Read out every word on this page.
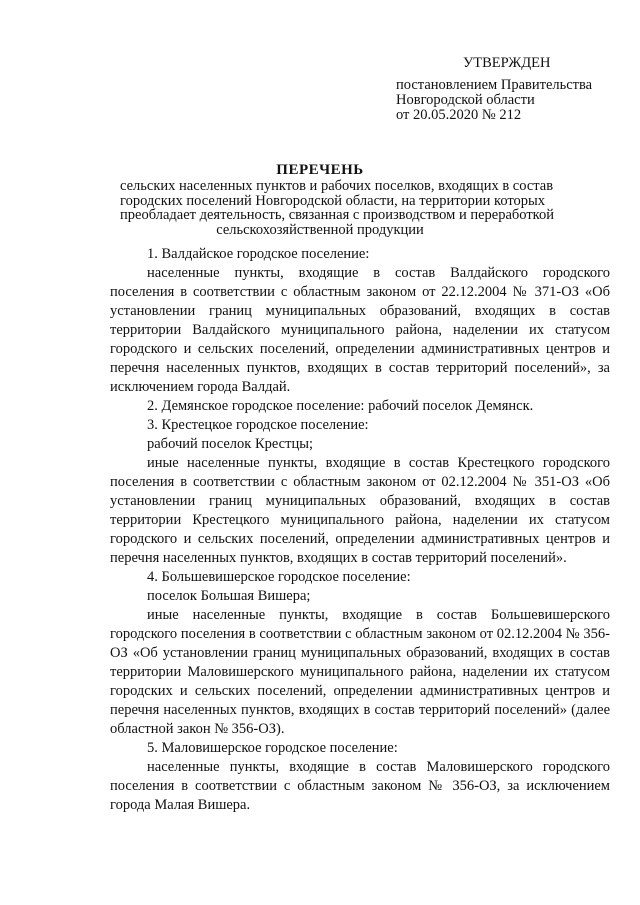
УТВЕРЖДЕН
постановлением Правительства
Новгородской области
от 20.05.2020 № 212
ПЕРЕЧЕНЬ
сельских населенных пунктов и рабочих поселков, входящих в состав
городских поселений Новгородской области, на территории которых
преобладает деятельность, связанная с производством и переработкой
сельскохозяйственной продукции

1. Валдайское городское поселение:

населенные пункты, входящие в состав Валдайского городского поселения в соответствии с областным законом от 22.12.2004 № 371-ОЗ «Об установлении границ муниципальных образований, входящих в состав территории Валдайского муниципального района, наделении их статусом городского и сельских поселений, определении административных центров и перечня населенных пунктов, входящих в состав территорий поселений», за исключением города Валдай.

2. Демянское городское поселение: рабочий поселок Демянск.

3. Крестецкое городское поселение:

рабочий поселок Крестцы;

иные населенные пункты, входящие в состав Крестецкого городского поселения в соответствии с областным законом от 02.12.2004 № 351-ОЗ «Об установлении границ муниципальных образований, входящих в состав территории Крестецкого муниципального района, наделении их статусом городского и сельских поселений, определении административных центров и перечня населенных пунктов, входящих в состав территорий поселений».

4. Большевишерское городское поселение:

поселок Большая Вишера;

иные населенные пункты, входящие в состав Большевишерского городского поселения в соответствии с областным законом от 02.12.2004 № 356-ОЗ «Об установлении границ муниципальных образований, входящих в состав территории Маловишерского муниципального района, наделении их статусом городских и сельских поселений, определении административных центров и перечня населенных пунктов, входящих в состав территорий поселений» (далее областной закон № 356-ОЗ).

5. Маловишерское городское поселение:

населенные пункты, входящие в состав Маловишерского городского поселения в соответствии с областным законом № 356-ОЗ, за исключением города Малая Вишера.
